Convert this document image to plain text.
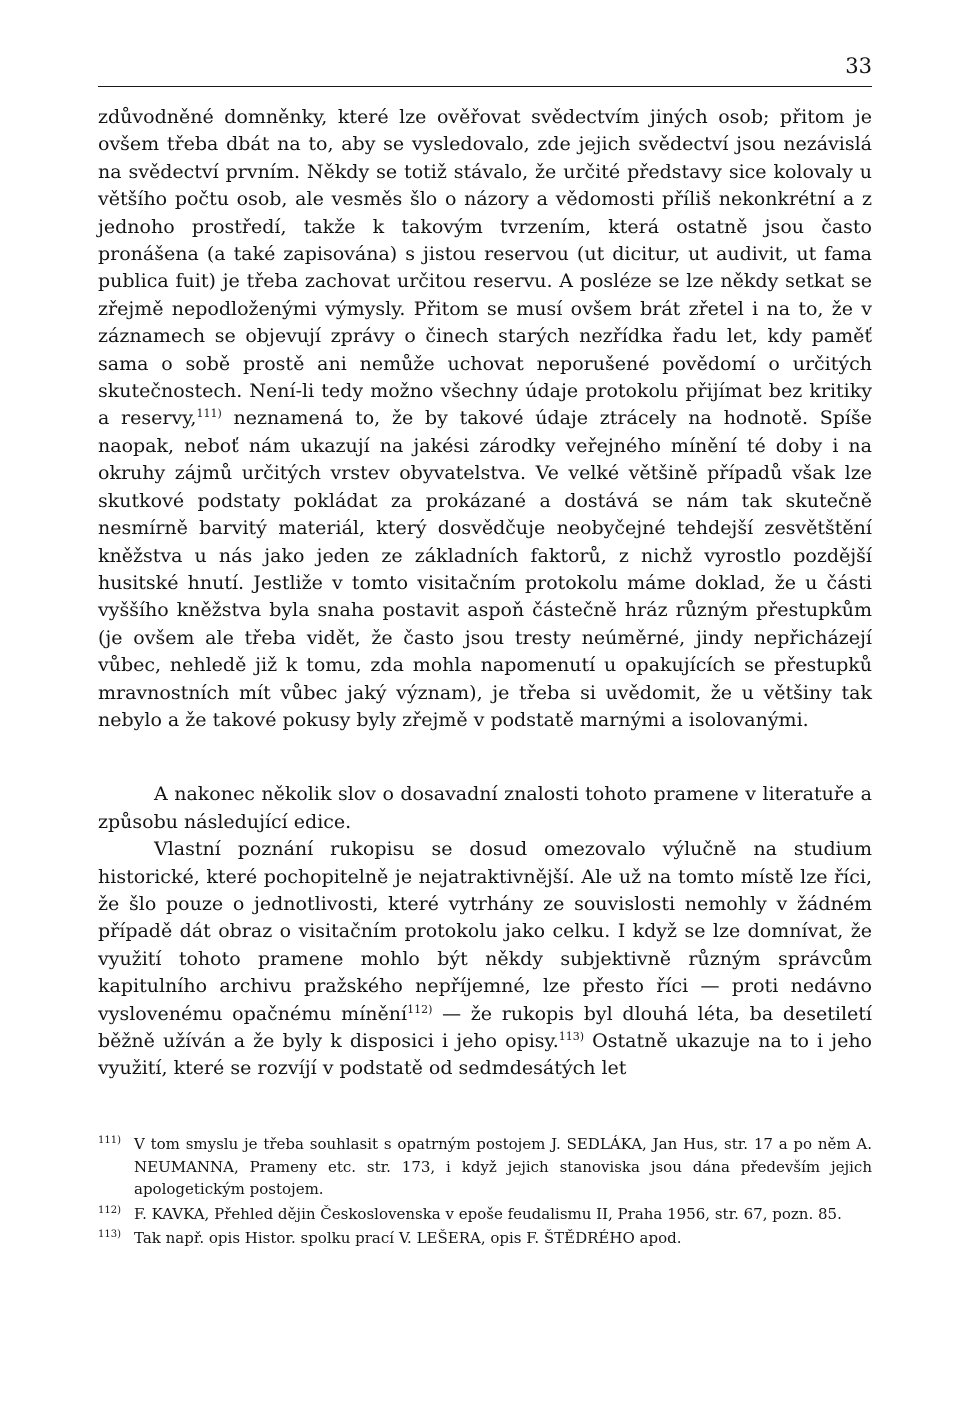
33

zdůvodněné domněnky, které lze ověřovat svědectvím jiných osob; přitom je ovšem třeba dbát na to, aby se vysledovalo, zde jejich svědectví jsou nezávislá na svědectví prvním. Někdy se totiž stávalo, že určité představy sice kolovaly u většího počtu osob, ale vesměs šlo o názory a vědomosti příliš nekonkrétní a z jednoho prostředí, takže k takovým tvrzením, která ostatně jsou často pronášena (a také zapisována) s jistou reservou (ut dicitur, ut audivit, ut fama publica fuit) je třeba zachovat určitou reservu. A posléze se lze někdy setkat se zřejmě nepodloženými výmysly. Přitom se musí ovšem brát zřetel i na to, že v záznamech se objevují zprávy o činech starých nezřídka řadu let, kdy paměť sama o sobě prostě ani nemůže uchovat neporušené povědomí o určitých skutečnostech. Není-li tedy možno všechny údaje protokolu přijímat bez kritiky a reservy,$^{111)}$ neznamená to, že by takové údaje ztrácely na hodnotě. Spíše naopak, neboť nám ukazují na jakési zárodky veřejného mínění té doby i na okruhy zájmů určitých vrstev obyvatelstva. Ve velké většině případů však lze skutkové podstaty pokládat za prokázané a dostává se nám tak skutečně nesmírně barvitý materiál, který dosvědčuje neobyčejné tehdejší zesvětštění kněžstva u nás jako jeden ze základních faktorů, z nichž vyrostlo pozdější husitské hnutí. Jestliže v tomto visitačním protokolu máme doklad, že u části vyššího kněžstva byla snaha postavit aspoň částečně hráz různým přestupkům (je ovšem ale třeba vidět, že často jsou tresty neúměrné, jindy nepřicházejí vůbec, nehledě již k tomu, zda mohla napomenutí u opakujících se přestupků mravnostních mít vůbec jaký význam), je třeba si uvědomit, že u většiny tak nebylo a že takové pokusy byly zřejmě v podstatě marnými a isolovanými.

A nakonec několik slov o dosavadní znalosti tohoto pramene v literatuře a způsobu následující edice.

Vlastní poznání rukopisu se dosud omezovalo výlučně na studium historické, které pochopitelně je nejatraktivnější. Ale už na tomto místě lze říci, že šlo pouze o jednotlivosti, které vytrhány ze souvislosti nemohly v žádném případě dát obraz o visitačním protokolu jako celku. I když se lze domnívat, že využití tohoto pramene mohlo být někdy subjektivně různým správcům kapitulního archivu pražského nepříjemné, lze přesto říci — proti nedávno vyslovenému opačnému mínění$^{112)}$ — že rukopis byl dlouhá léta, ba desetiletí běžně užíván a že byly k disposici i jeho opisy.$^{113)}$ Ostatně ukazuje na to i jeho využití, které se rozvíjí v podstatě od sedmdesátých let

$^{111)}$ V tom smyslu je třeba souhlasit s opatrným postojem J. SEDLÁKA, Jan Hus, str. 17 a po něm A. NEUMANNA, Prameny etc. str. 173, i když jejich stanoviska jsou dána především jejich apologetickým postojem.
$^{112)}$ F. KAVKA, Přehled dějin Československa v epoše feudalismu II, Praha 1956, str. 67, pozn. 85.
$^{113)}$ Tak např. opis Histor. spolku prací V. LEŠERA, opis F. ŠTĚDRÉHO apod.
